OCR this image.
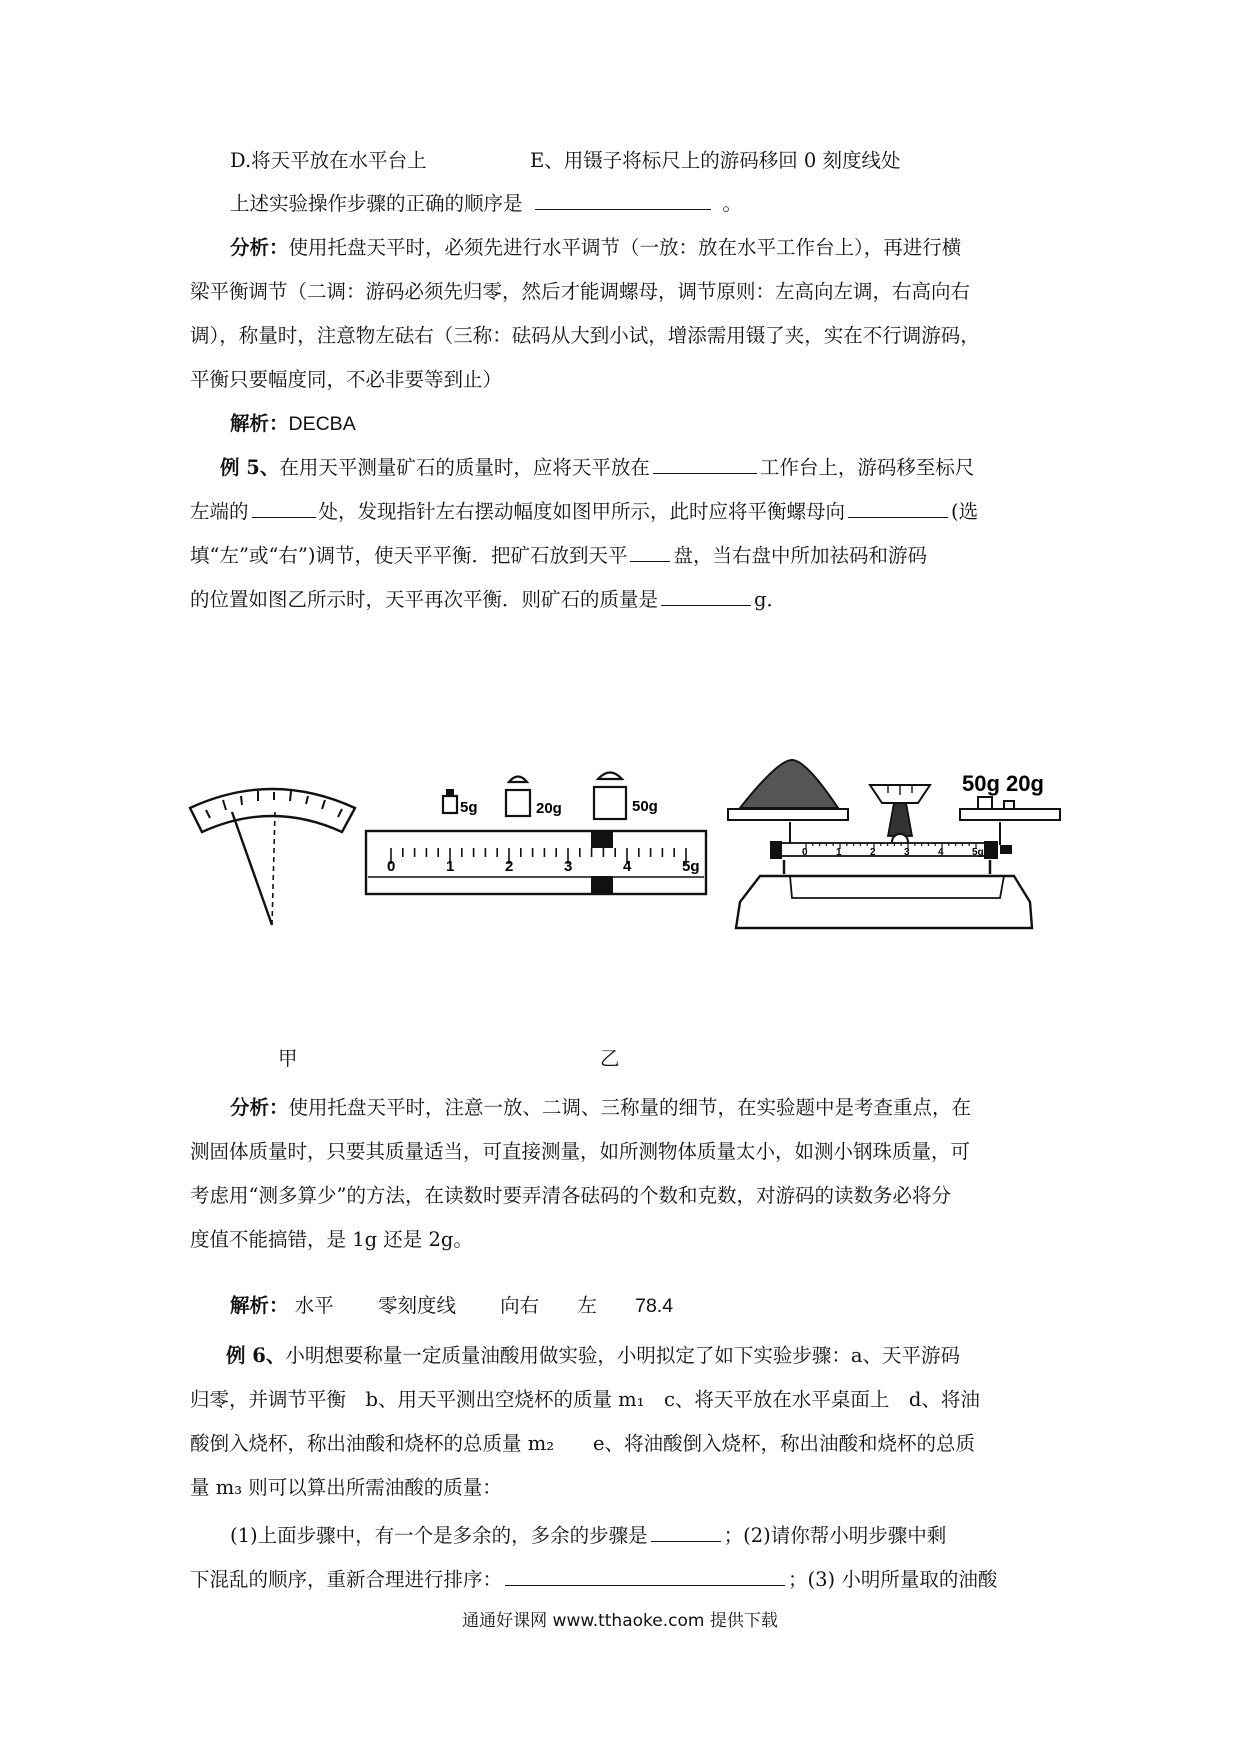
D.将天平放在水平台上	E、用镊子将标尺上的游码移回 0 刻度线处
上述实验操作步骤的正确的顺序是	。
分析：使用托盘天平时，必须先进行水平调节（一放：放在水平工作台上），再进行横
梁平衡调节（二调：游码必须先归零，然后才能调螺母，调节原则：左高向左调，右高向右
调），称量时，注意物左砝右（三称：砝码从大到小试，增添需用镊了夹，实在不行调游码，
平衡只要幅度同，不必非要等到止）
解析：DECBA
例 5、在用天平测量矿石的质量时，应将天平放在	工作台上，游码移至标尺
左端的	处，发现指针左右摆动幅度如图甲所示，此时应将平衡螺母向	(选
填“左”或“右”)调节，使天平平衡．把矿石放到天平 盘，当右盘中所加祛码和游码
的位置如图乙所示时，天平再次平衡．则矿石的质量是	g．
5g	20g	50g
0	1	2	3	4	5g
50g 20g
0	1	2	3	4	5g
甲	乙
分析：使用托盘天平时，注意一放、二调、三称量的细节，在实验题中是考查重点，在
测固体质量时，只要其质量适当，可直接测量，如所测物体质量太小，如测小钢珠质量，可
考虑用“测多算少”的方法，在读数时要弄清各砝码的个数和克数，对游码的读数务必将分
度值不能搞错，是 1g 还是 2g。
解析： 水平 零刻度线 向右 左 78.4
例 6、小明想要称量一定质量油酸用做实验，小明拟定了如下实验步骤：a、天平游码
归零，并调节平衡　b、用天平测出空烧杯的质量 m₁　c、将天平放在水平桌面上　d、将油
酸倒入烧杯，称出油酸和烧杯的总质量 m₂　　e、将油酸倒入烧杯，称出油酸和烧杯的总质
量 m₃ 则可以算出所需油酸的质量：
(1)上面步骤中，有一个是多余的，多余的步骤是	；(2)请你帮小明步骤中剩
下混乱的顺序，重新合理进行排序：	；(3) 小明所量取的油酸
通通好课网 www.tthaoke.com 提供下载
